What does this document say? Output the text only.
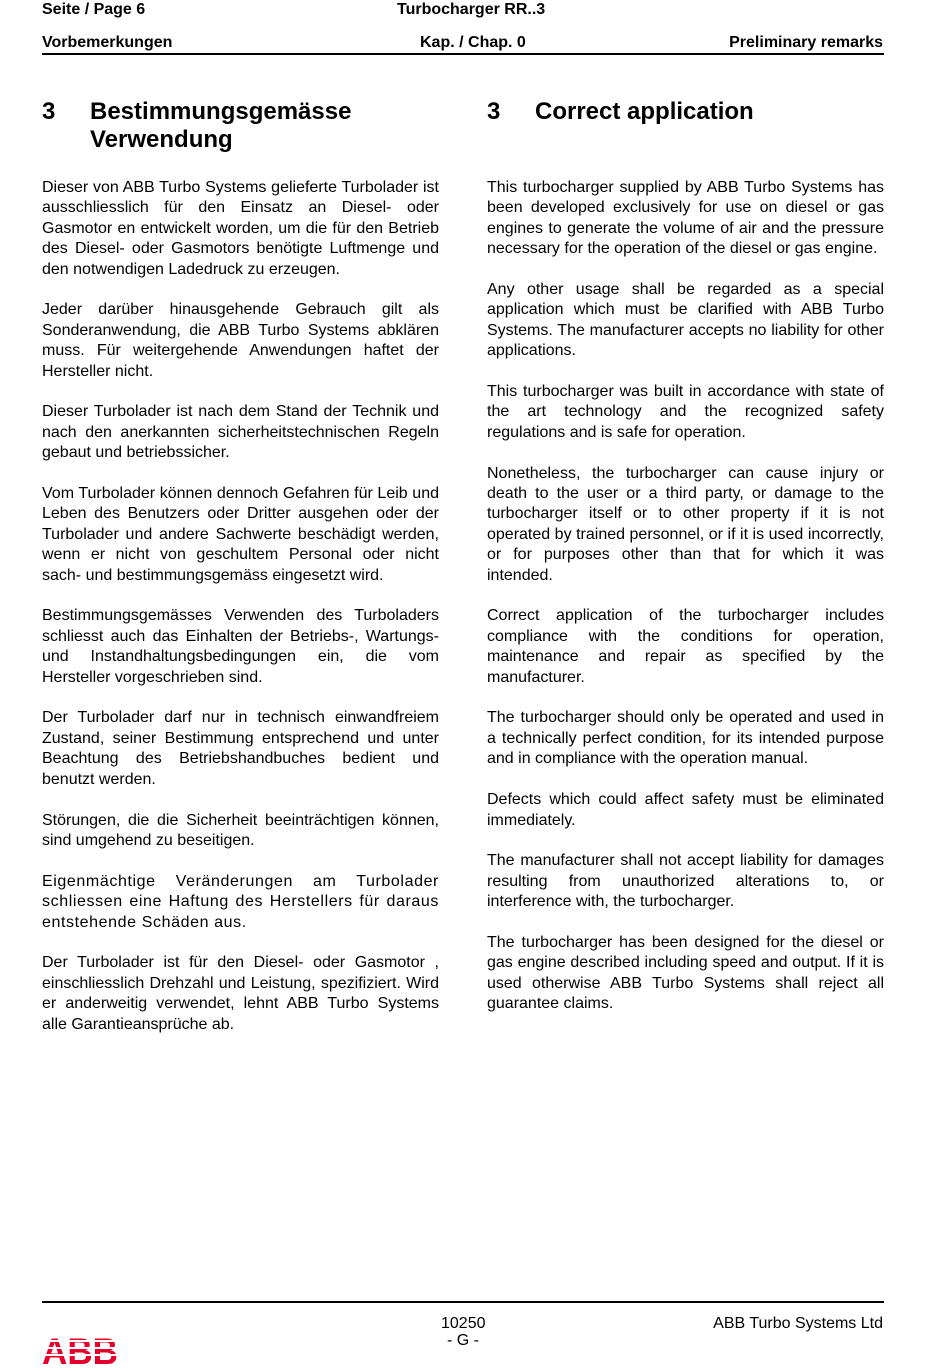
Seite / Page 6	Turbocharger RR..3
Vorbemerkungen	Kap. / Chap. 0	Preliminary remarks
3	Bestimmungsgemässe Verwendung

Dieser von ABB Turbo Systems gelieferte Turbolader ist ausschliesslich für den Einsatz an Diesel- oder Gasmotor en entwickelt worden, um die für den Betrieb des Diesel- oder Gasmotors benötigte Luftmenge und den notwendigen Ladedruck zu erzeugen.

Jeder darüber hinausgehende Gebrauch gilt als Sonderanwendung, die ABB Turbo Systems abklären muss. Für weitergehende Anwendungen haftet der Hersteller nicht.

Dieser Turbolader ist nach dem Stand der Technik und nach den anerkannten sicherheitstechnischen Regeln gebaut und betriebssicher.

Vom Turbolader können dennoch Gefahren für Leib und Leben des Benutzers oder Dritter ausgehen oder der Turbolader und andere Sachwerte beschädigt werden, wenn er nicht von geschultem Personal oder nicht sach- und bestimmungsgemäss eingesetzt wird.

Bestimmungsgemässes Verwenden des Turboladers schliesst auch das Einhalten der Betriebs-, Wartungs- und Instandhaltungsbedingungen ein, die vom Hersteller vorgeschrieben sind.

Der Turbolader darf nur in technisch einwandfreiem Zustand, seiner Bestimmung entsprechend und unter Beachtung des Betriebshandbuches bedient und benutzt werden.

Störungen, die die Sicherheit beeinträchtigen können, sind umgehend zu beseitigen.

Eigenmächtige Veränderungen am Turbolader schliessen eine Haftung des Herstellers für daraus entstehende Schäden aus.

Der Turbolader ist für den Diesel- oder Gasmotor , einschliesslich Drehzahl und Leistung, spezifiziert. Wird er anderweitig verwendet, lehnt ABB Turbo Systems alle Garantieansprüche ab.

3	Correct application

This turbocharger supplied by ABB Turbo Systems has been developed exclusively for use on diesel or gas engines to generate the volume of air and the pressure necessary for the operation of the diesel or gas engine.

Any other usage shall be regarded as a special application which must be clarified with ABB Turbo Systems. The manufacturer accepts no liability for other applications.

This turbocharger was built in accordance with state of the art technology and the recognized safety regulations and is safe for operation.

Nonetheless, the turbocharger can cause injury or death to the user or a third party, or damage to the turbocharger itself or to other property if it is not operated by trained personnel, or if it is used incorrectly, or for purposes other than that for which it was intended.

Correct application of the turbocharger includes compliance with the conditions for operation, maintenance and repair as specified by the manufacturer.

The turbocharger should only be operated and used in a technically perfect condition, for its intended purpose and in compliance with the operation manual.

Defects which could affect safety must be eliminated immediately.

The manufacturer shall not accept liability for damages resulting from unauthorized alterations to, or interference with, the turbocharger.

The turbocharger has been designed for the diesel or gas engine described including speed and output. If it is used otherwise ABB Turbo Systems shall reject all guarantee claims.

10250
- G -
ABB Turbo Systems Ltd
ABB
